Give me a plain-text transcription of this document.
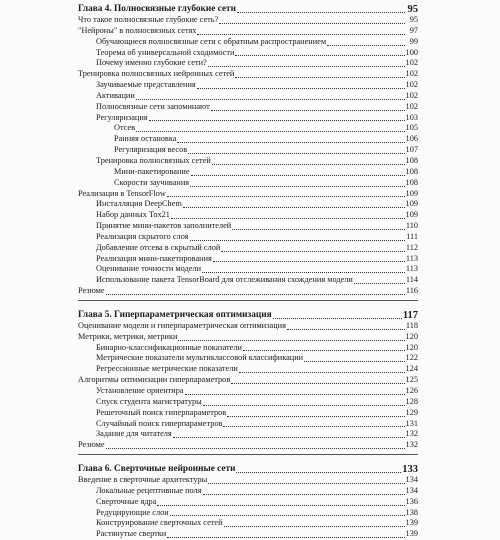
Глава 4. Полносвязные глубокие сети	95
Что такое полносвязные глубокие сеть?	95
"Нейроны" в полносвязных сетях	97
Обучающиеся полносвязные сети с обратным распространением	99
Теорема об универсальной сходимости	100
Почему именно глубокие сети?	102
Тренировка полносвязных нейронных сетей	102
Заучиваемые представления	102
Активации	102
Полносвязные сети запоминают	102
Регуляризация	103
Отсев	105
Ранняя остановка	106
Регуляризация весов	107
Тренировка полносвязных сетей	108
Мини-пакетирование	108
Скорости заучивания	108
Реализация в TensorFlow	109
Инсталляция DeepChem	109
Набор данных Tox21	109
Принятие мини-пакетов заполнителей	110
Реализация скрытого слоя	111
Добавление отсева в скрытый слой	112
Реализация мини-пакетирования	113
Оценивание точности модели	113
Использование пакета TensorBoard для отслеживания схождения модели	114
Резюме	116
Глава 5. Гиперпараметрическая оптимизация	117
Оценивание модели и гиперпараметрическая оптимизация	118
Метрики, метрики, метрики	120
Бинарно-классификационные показатели	120
Метрические показатели мультиклассовой классификации	122
Регрессионные метрические показатели	124
Алгоритмы оптимизации гиперпараметров	125
Установление ориентира	126
Спуск студента магистратуры	128
Решеточный поиск гиперпараметров	129
Случайный поиск гиперпараметров	131
Задание для читателя	132
Резюме	132
Глава 6. Сверточные нейронные сети	133
Введение в сверточные архитектуры	134
Локальные рецептивные поля	134
Сверточные ядра	136
Редуцирующие слои	138
Конструирование сверточных сетей	139
Растянутые свертки	139
